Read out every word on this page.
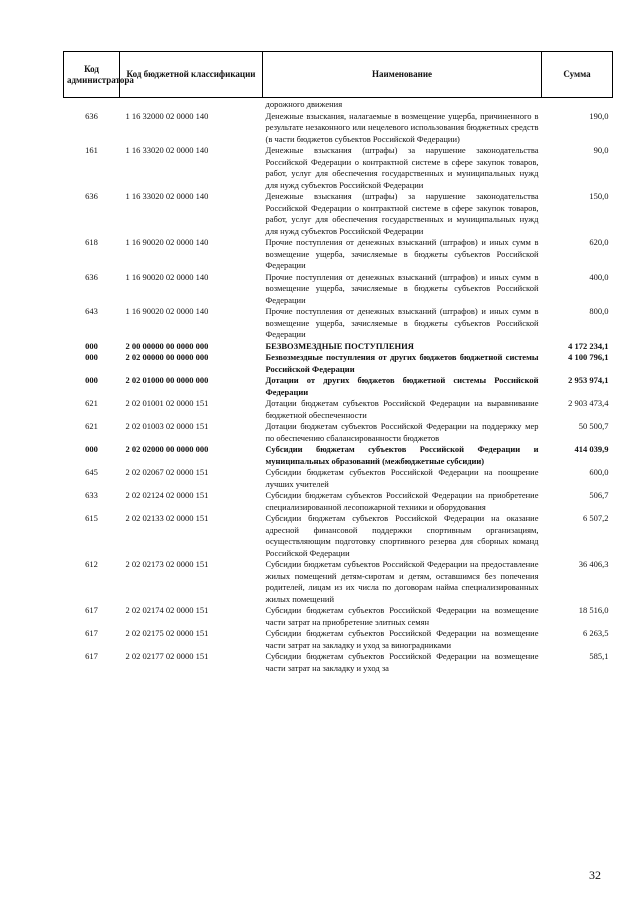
Код администратора	Код бюджетной классификации	Наименование	Сумма
		дорожного движения	
636	1 16 32000 02 0000 140	Денежные взыскания, налагаемые в возмещение ущерба, причиненного в результате незаконного или нецелевого использования бюджетных средств (в части бюджетов субъектов Российской Федерации)	190,0
161	1 16 33020 02 0000 140	Денежные взыскания (штрафы) за нарушение законодательства Российской Федерации о контрактной системе в сфере закупок товаров, работ, услуг для обеспечения государственных и муниципальных нужд для нужд субъектов Российской Федерации	90,0
636	1 16 33020 02 0000 140	Денежные взыскания (штрафы) за нарушение законодательства Российской Федерации о контрактной системе в сфере закупок товаров, работ, услуг для обеспечения государственных и муниципальных нужд для нужд субъектов Российской Федерации	150,0
618	1 16 90020 02 0000 140	Прочие поступления от денежных взысканий (штрафов) и иных сумм в возмещение ущерба, зачисляемые в бюджеты субъектов Российской Федерации	620,0
636	1 16 90020 02 0000 140	Прочие поступления от денежных взысканий (штрафов) и иных сумм в возмещение ущерба, зачисляемые в бюджеты субъектов Российской Федерации	400,0
643	1 16 90020 02 0000 140	Прочие поступления от денежных взысканий (штрафов) и иных сумм в возмещение ущерба, зачисляемые в бюджеты субъектов Российской Федерации	800,0
000	2 00 00000 00 0000 000	БЕЗВОЗМЕЗДНЫЕ ПОСТУПЛЕНИЯ	4 172 234,1
000	2 02 00000 00 0000 000	Безвозмездные поступления от других бюджетов бюджетной системы Российской Федерации	4 100 796,1
000	2 02 01000 00 0000 000	Дотации от других бюджетов бюджетной системы Российской Федерации	2 953 974,1
621	2 02 01001 02 0000 151	Дотации бюджетам субъектов Российской Федерации на выравнивание бюджетной обеспеченности	2 903 473,4
621	2 02 01003 02 0000 151	Дотации бюджетам субъектов Российской Федерации на поддержку мер по обеспечению сбалансированности бюджетов	50 500,7
000	2 02 02000 00 0000 000	Субсидии бюджетам субъектов Российской Федерации и муниципальных образований (межбюджетные субсидии)	414 039,9
645	2 02 02067 02 0000 151	Субсидии бюджетам субъектов Российской Федерации на поощрение лучших учителей	600,0
633	2 02 02124 02 0000 151	Субсидии бюджетам субъектов Российской Федерации на приобретение специализированной лесопожарной техники и оборудования	506,7
615	2 02 02133 02 0000 151	Субсидии бюджетам субъектов Российской Федерации на оказание адресной финансовой поддержки спортивным организациям, осуществляющим подготовку спортивного резерва для сборных команд Российской Федерации	6 507,2
612	2 02 02173 02 0000 151	Субсидии бюджетам субъектов Российской Федерации на предоставление жилых помещений детям-сиротам и детям, оставшимся без попечения родителей, лицам из их числа по договорам найма специализированных жилых помещений	36 406,3
617	2 02 02174 02 0000 151	Субсидии бюджетам субъектов Российской Федерации на возмещение части затрат на приобретение элитных семян	18 516,0
617	2 02 02175 02 0000 151	Субсидии бюджетам субъектов Российской Федерации на возмещение части затрат на закладку и уход за виноградниками	6 263,5
617	2 02 02177 02 0000 151	Субсидии бюджетам субъектов Российской Федерации на возмещение части затрат на закладку и уход за	585,1
32
